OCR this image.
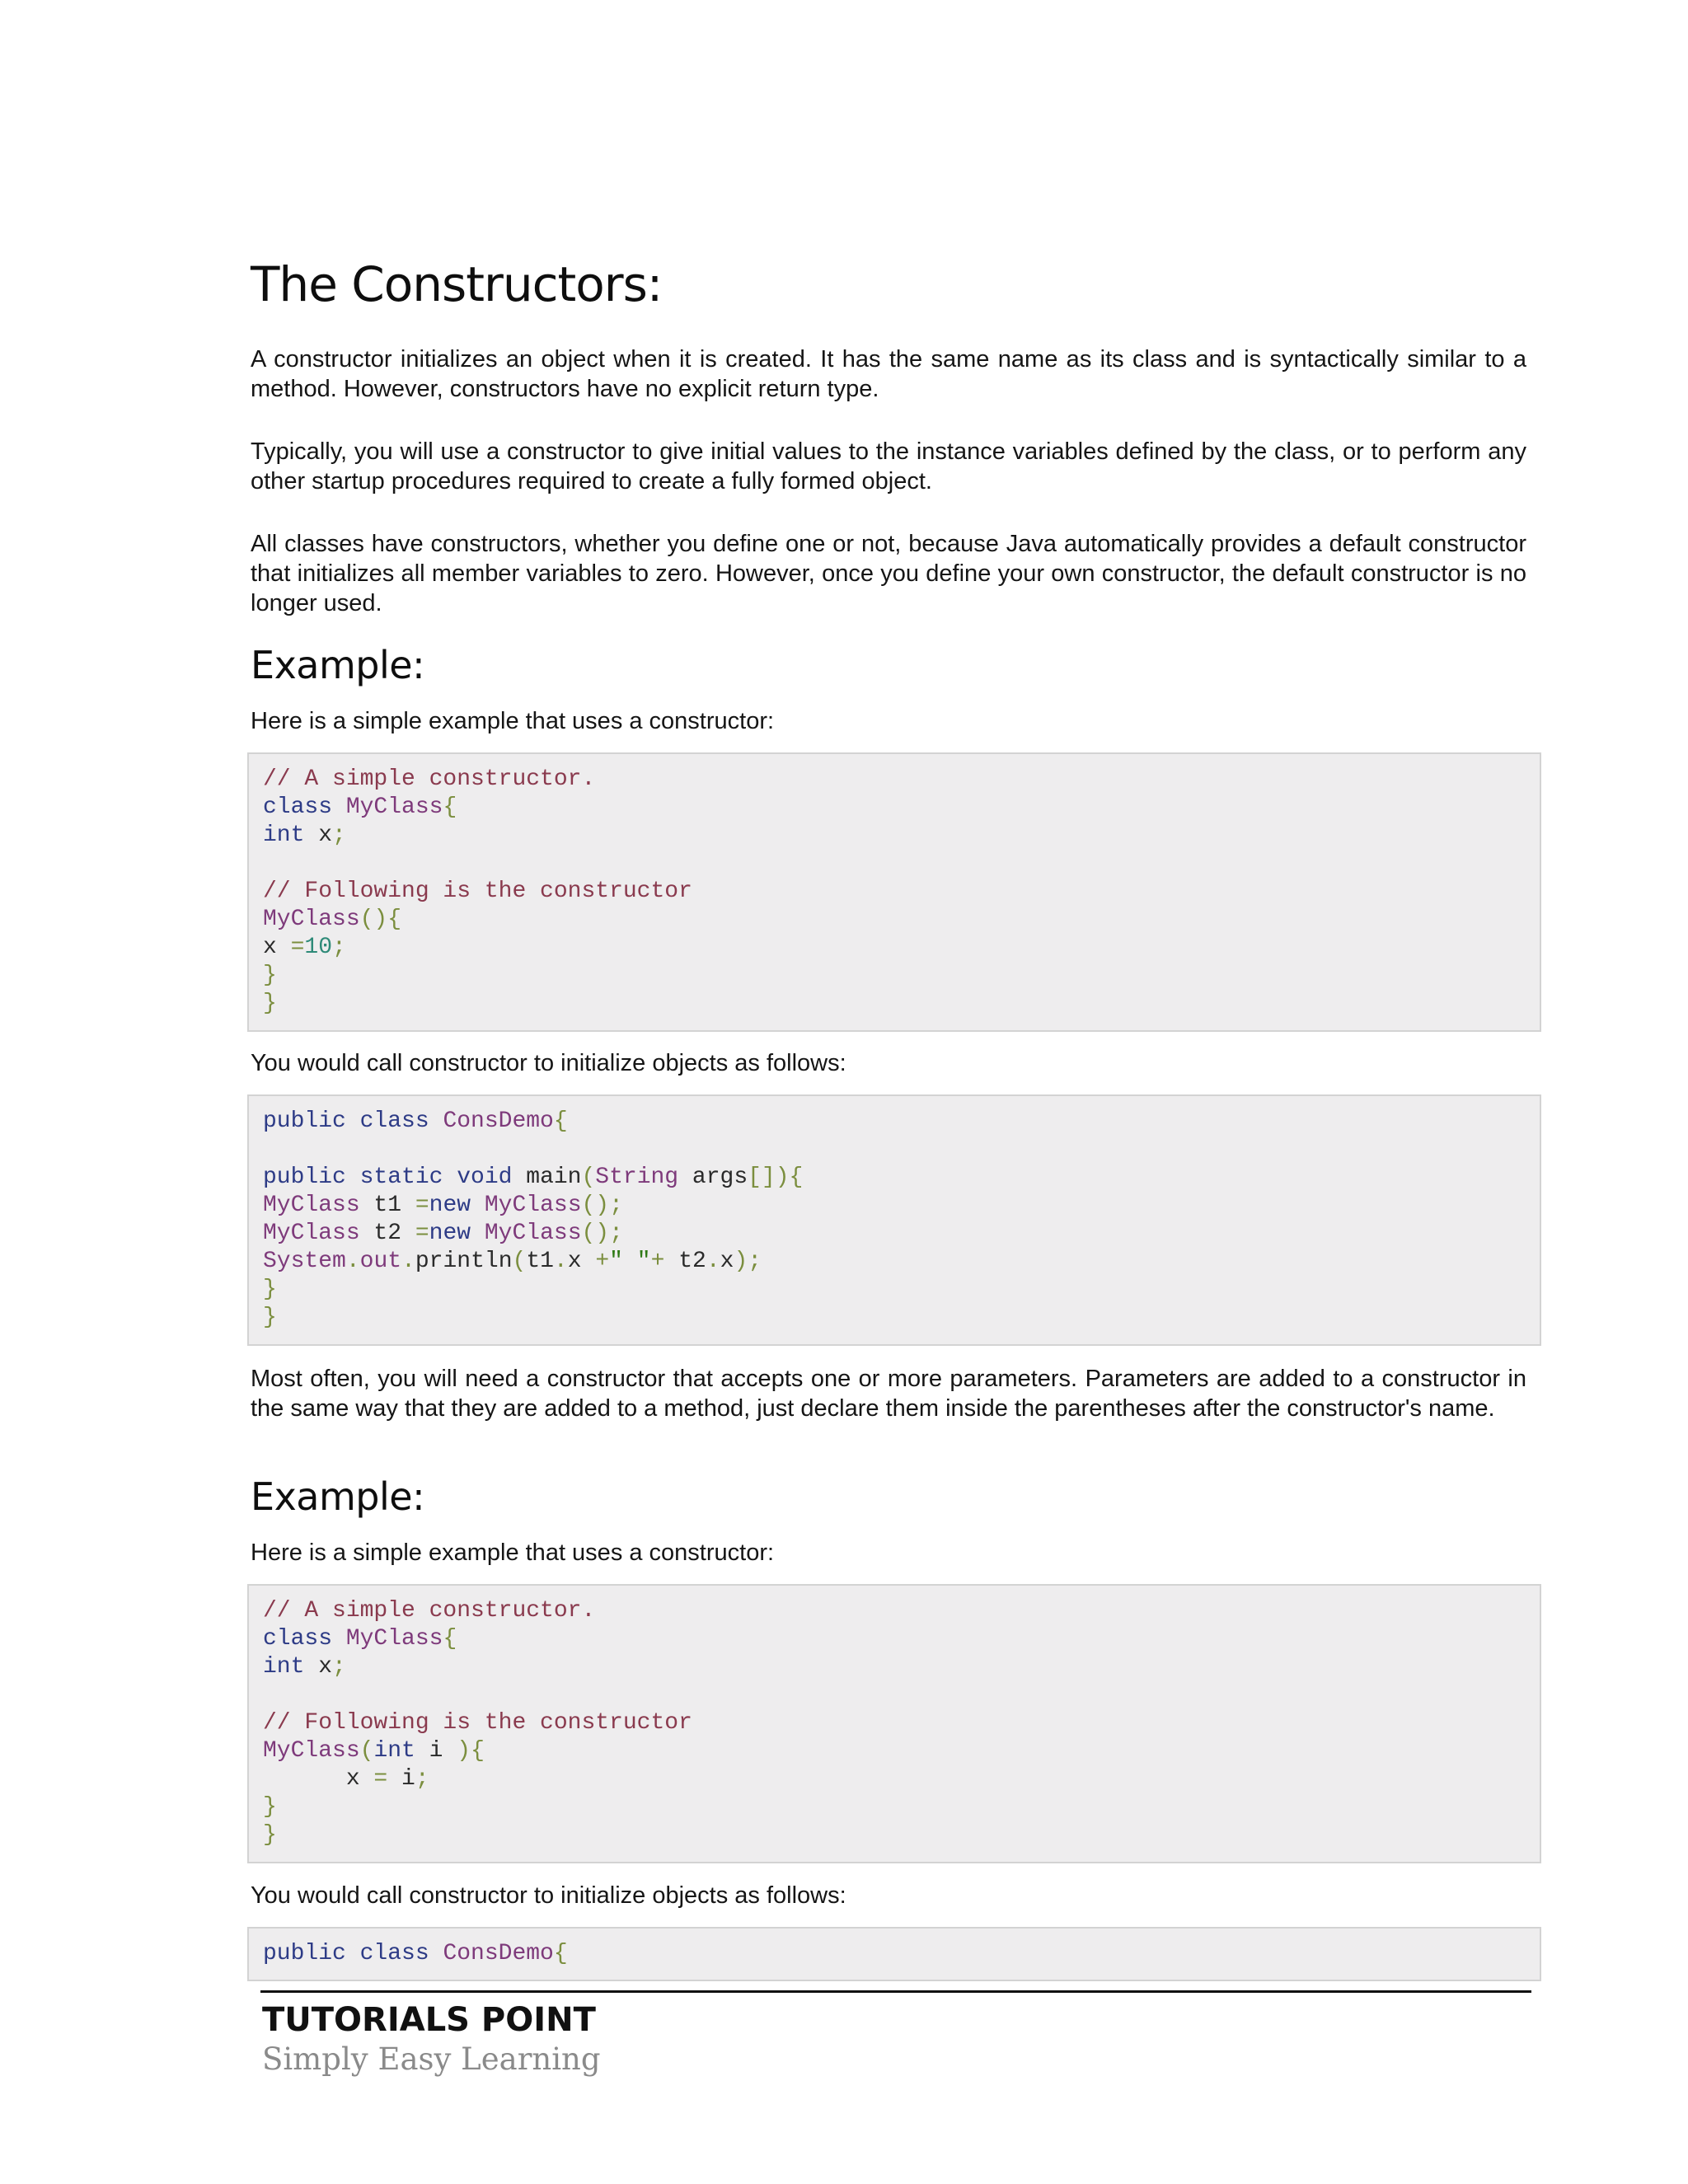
The Constructors:

A constructor initializes an object when it is created. It has the same name as its class and is syntactically similar to a method. However, constructors have no explicit return type.

Typically, you will use a constructor to give initial values to the instance variables defined by the class, or to perform any other startup procedures required to create a fully formed object.

All classes have constructors, whether you define one or not, because Java automatically provides a default constructor that initializes all member variables to zero. However, once you define your own constructor, the default constructor is no longer used.

Example:

Here is a simple example that uses a constructor:

// A simple constructor.
class MyClass{
int x;
// Following is the constructor
MyClass(){
x =10;
}
}

You would call constructor to initialize objects as follows:

public class ConsDemo{
public static void main(String args[]){
MyClass t1 =new MyClass();
MyClass t2 =new MyClass();
System.out.println(t1.x +" "+ t2.x);
}
}

Most often, you will need a constructor that accepts one or more parameters. Parameters are added to a constructor in the same way that they are added to a method, just declare them inside the parentheses after the constructor's name.

Example:

Here is a simple example that uses a constructor:

// A simple constructor.
class MyClass{
int x;
// Following is the constructor
MyClass(int i ){
x = i;
}
}

You would call constructor to initialize objects as follows:

public class ConsDemo{
TUTORIALS POINT
Simply Easy Learning
